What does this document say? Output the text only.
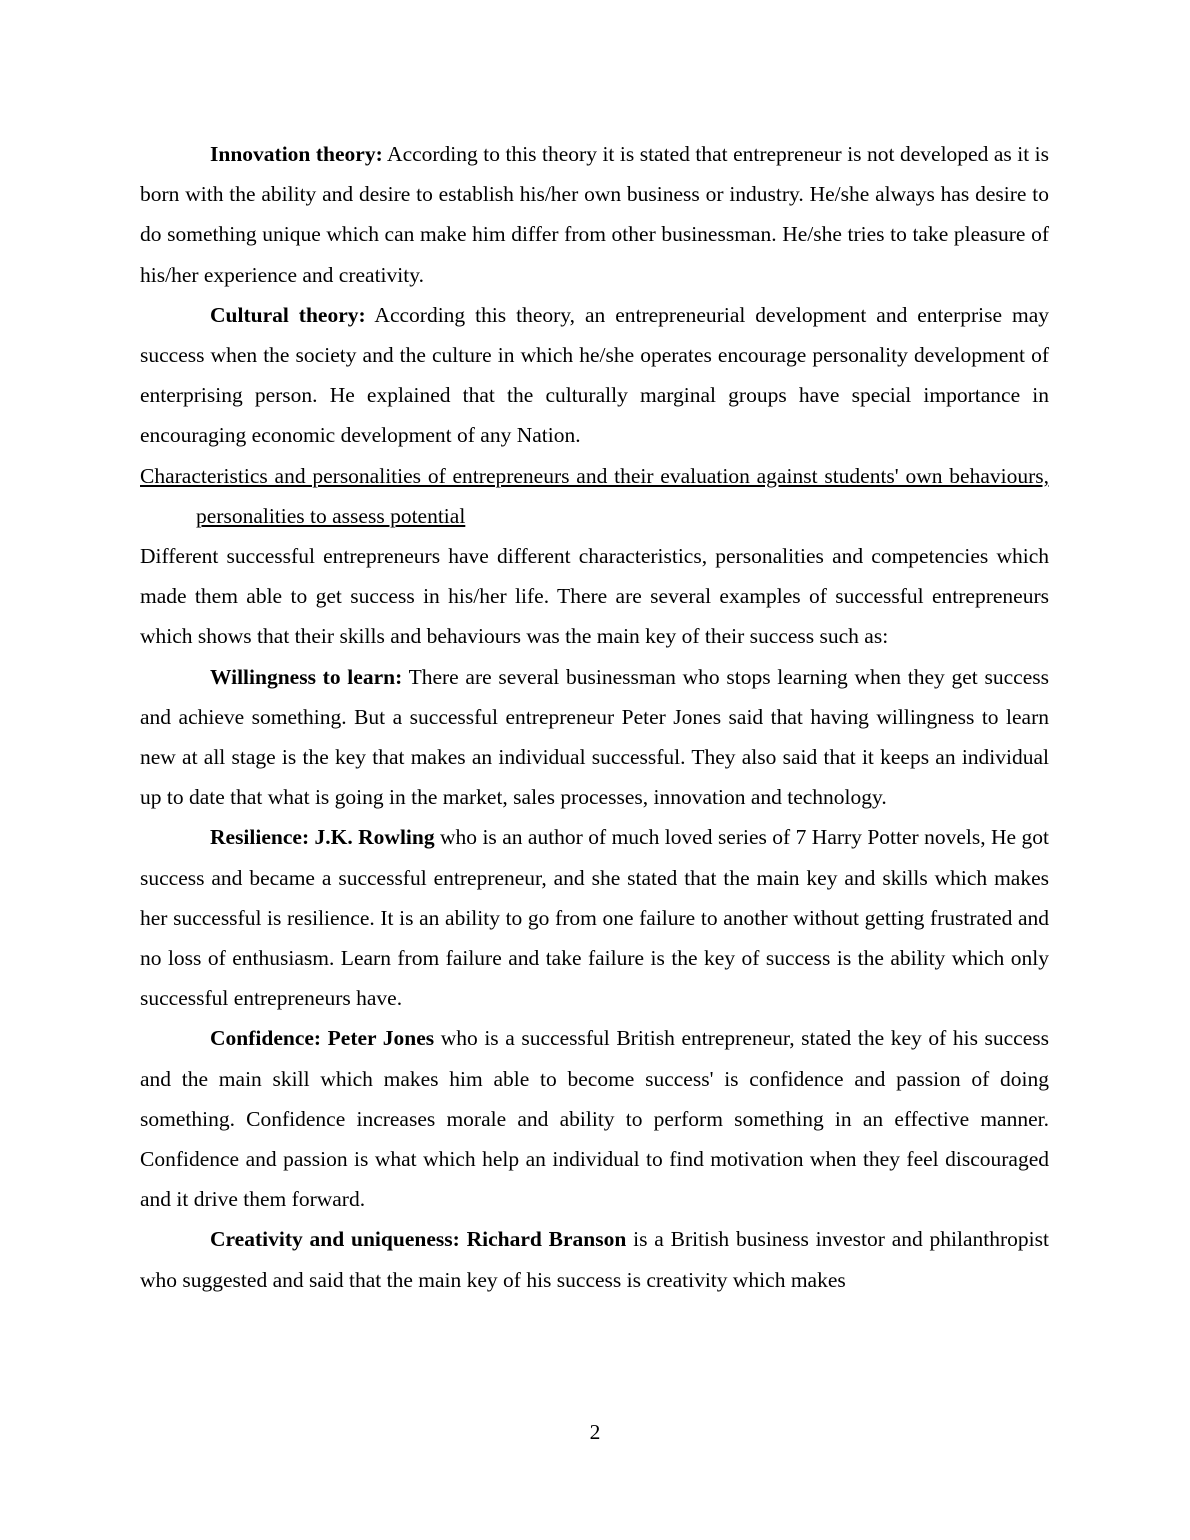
Innovation theory: According to this theory it is stated that entrepreneur is not developed as it is born with the ability and desire to establish his/her own business or industry. He/she always has desire to do something unique which can make him differ from other businessman. He/she tries to take pleasure of his/her experience and creativity.

Cultural theory: According this theory, an entrepreneurial development and enterprise may success when the society and the culture in which he/she operates encourage personality development of enterprising person. He explained that the culturally marginal groups have special importance in encouraging economic development of any Nation.

Characteristics and personalities of entrepreneurs and their evaluation against students' own behaviours, personalities to assess potential

Different successful entrepreneurs have different characteristics, personalities and competencies which made them able to get success in his/her life. There are several examples of successful entrepreneurs which shows that their skills and behaviours was the main key of their success such as:

Willingness to learn: There are several businessman who stops learning when they get success and achieve something. But a successful entrepreneur Peter Jones said that having willingness to learn new at all stage is the key that makes an individual successful. They also said that it keeps an individual up to date that what is going in the market, sales processes, innovation and technology.

Resilience: J.K. Rowling who is an author of much loved series of 7 Harry Potter novels, He got success and became a successful entrepreneur, and she stated that the main key and skills which makes her successful is resilience. It is an ability to go from one failure to another without getting frustrated and no loss of enthusiasm. Learn from failure and take failure is the key of success is the ability which only successful entrepreneurs have.

Confidence: Peter Jones who is a successful British entrepreneur, stated the key of his success and the main skill which makes him able to become success' is confidence and passion of doing something. Confidence increases morale and ability to perform something in an effective manner. Confidence and passion is what which help an individual to find motivation when they feel discouraged and it drive them forward.

Creativity and uniqueness: Richard Branson is a British business investor and philanthropist who suggested and said that the main key of his success is creativity which makes

2
